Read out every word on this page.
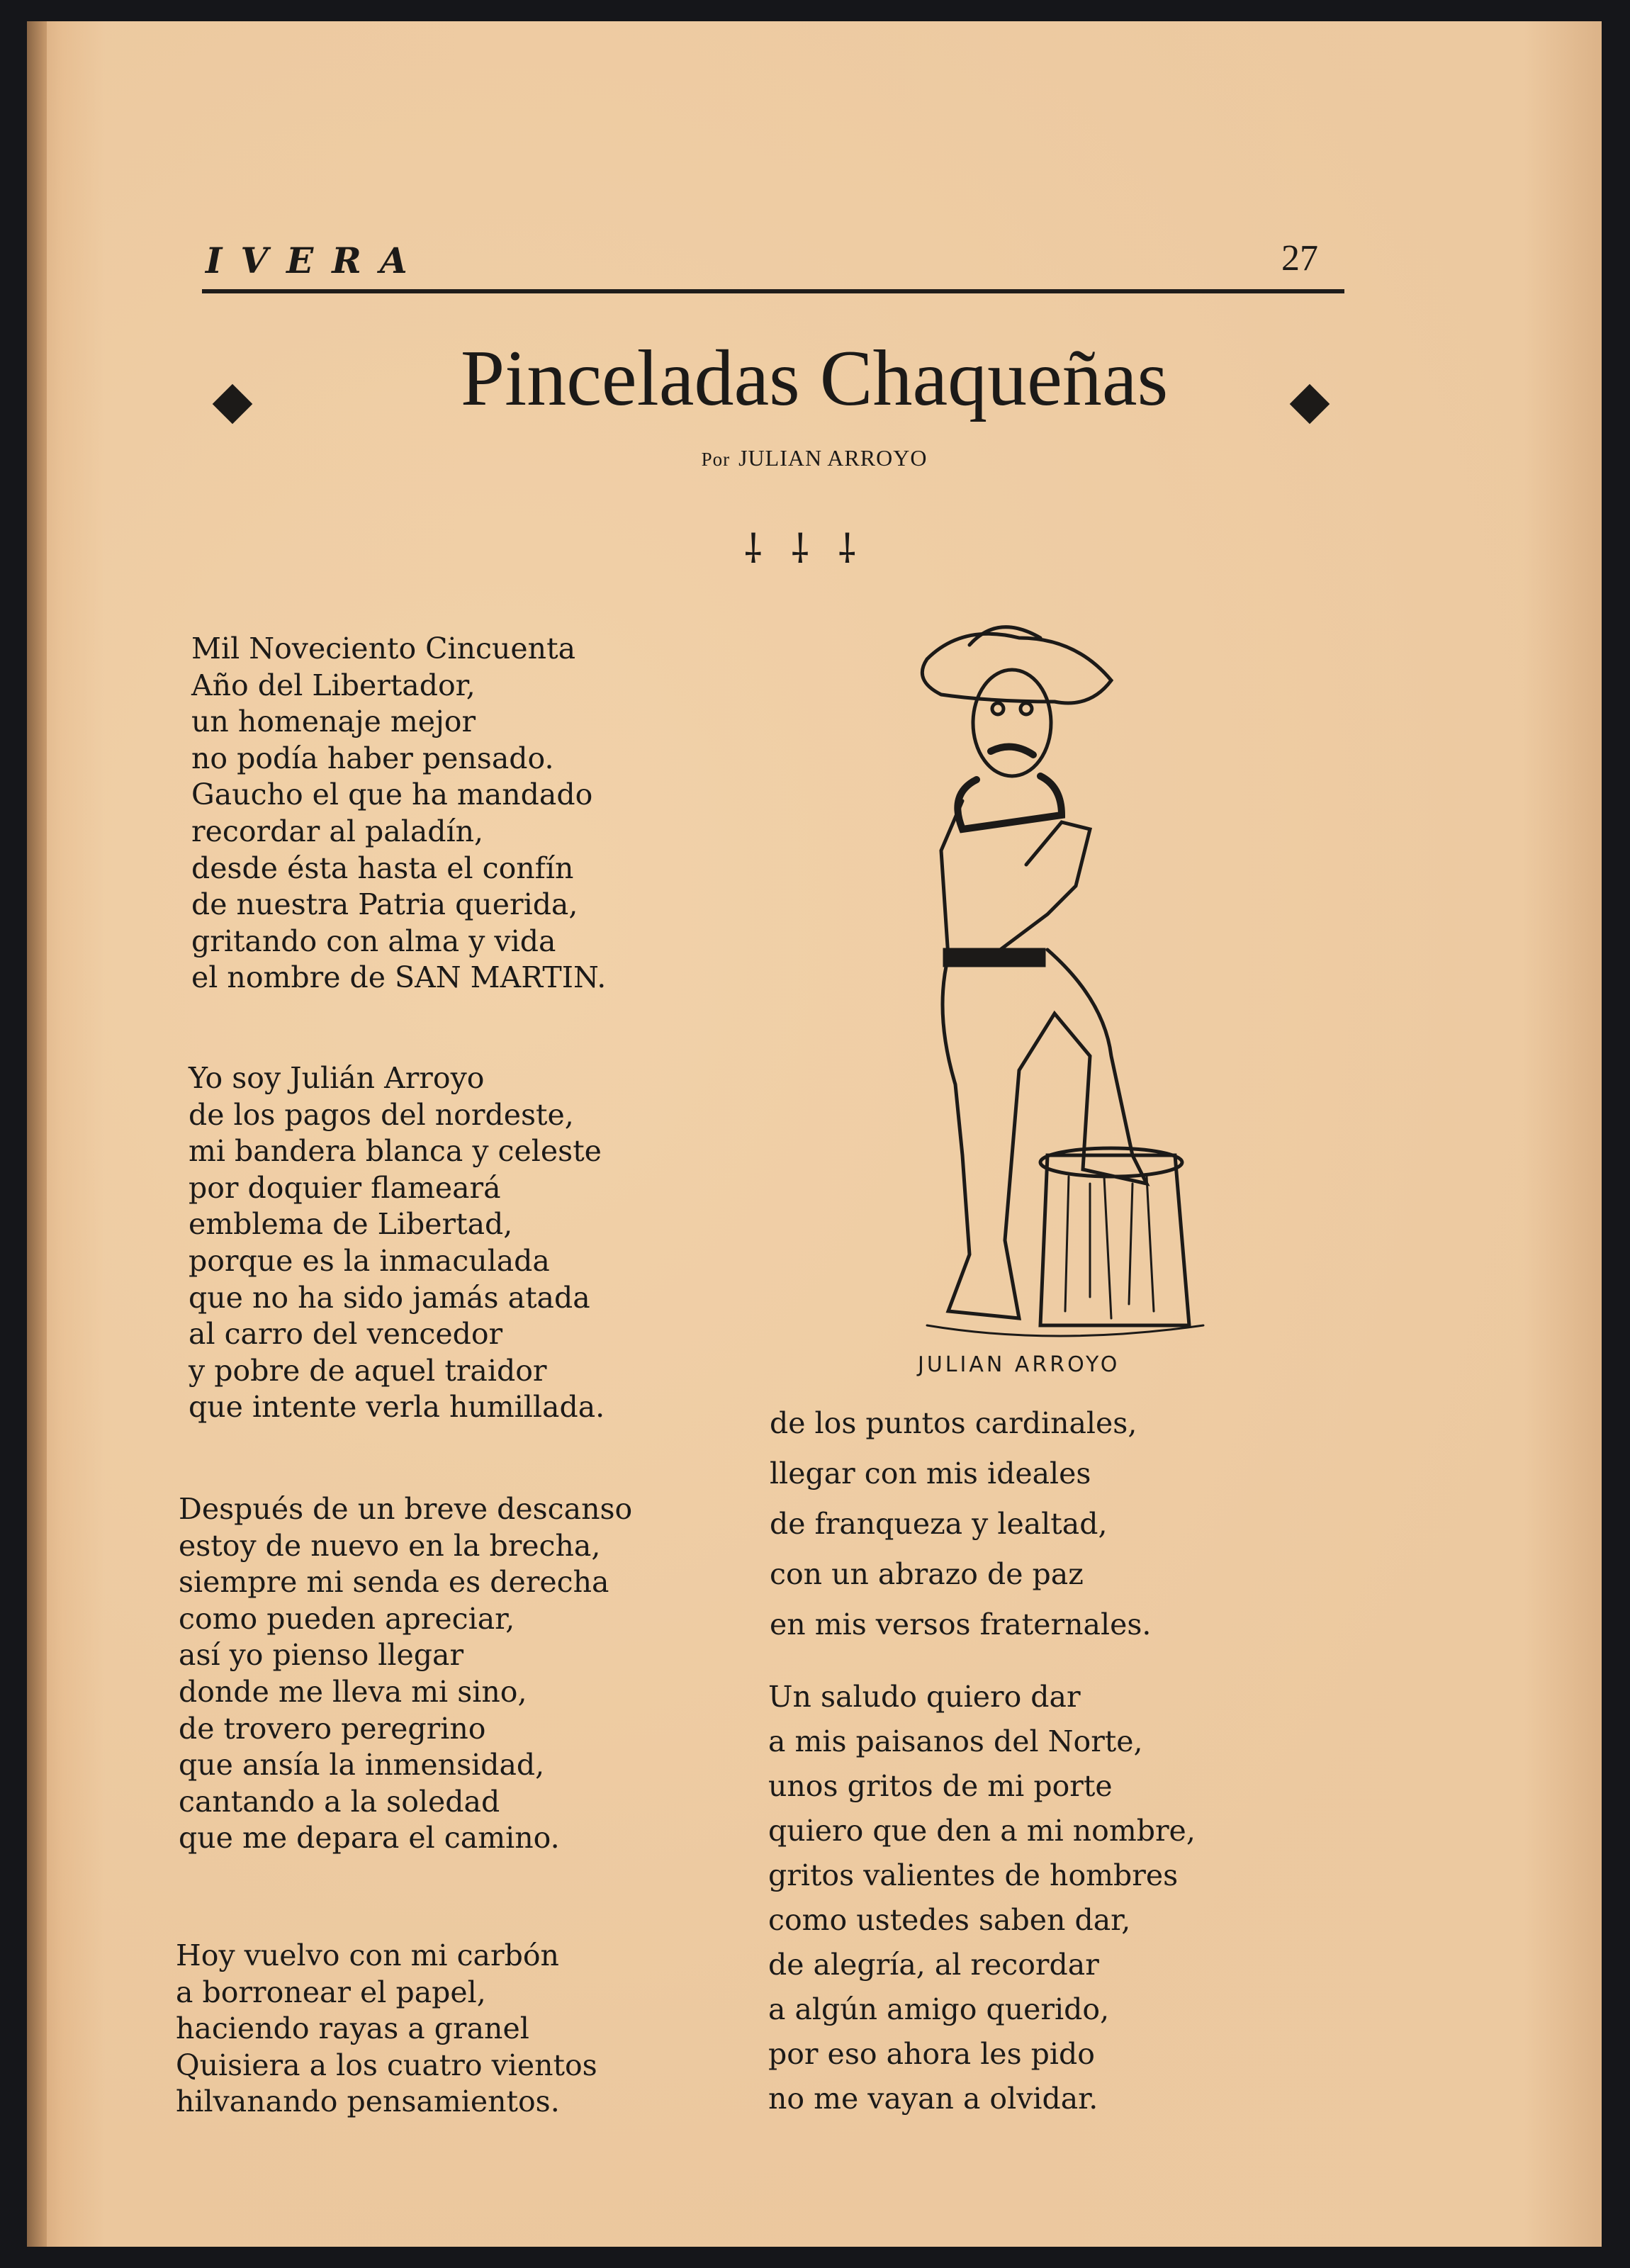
IVERA	27
Pinceladas Chaqueñas
Por JULIAN ARROYO
⸸⸸⸸
Mil Noveciento Cincuenta
Año del Libertador,
un homenaje mejor
no podía haber pensado.
Gaucho el que ha mandado
recordar al paladín,
desde ésta hasta el confín
de nuestra Patria querida,
gritando con alma y vida
el nombre de SAN MARTIN.
Yo soy Julián Arroyo
de los pagos del nordeste,
mi bandera blanca y celeste
por doquier flameará
emblema de Libertad,
porque es la inmaculada
que no ha sido jamás atada
al carro del vencedor
y pobre de aquel traidor
que intente verla humillada.
Después de un breve descanso
estoy de nuevo en la brecha,
siempre mi senda es derecha
como pueden apreciar,
así yo pienso llegar
donde me lleva mi sino,
de trovero peregrino
que ansía la inmensidad,
cantando a la soledad
que me depara el camino.
Hoy vuelvo con mi carbón
a borronear el papel,
haciendo rayas a granel
Quisiera a los cuatro vientos
hilvanando pensamientos.
JULIAN ARROYO
de los puntos cardinales,
llegar con mis ideales
de franqueza y lealtad,
con un abrazo de paz
en mis versos fraternales.
Un saludo quiero dar
a mis paisanos del Norte,
unos gritos de mi porte
quiero que den a mi nombre,
gritos valientes de hombres
como ustedes saben dar,
de alegría, al recordar
a algún amigo querido,
por eso ahora les pido
no me vayan a olvidar.
